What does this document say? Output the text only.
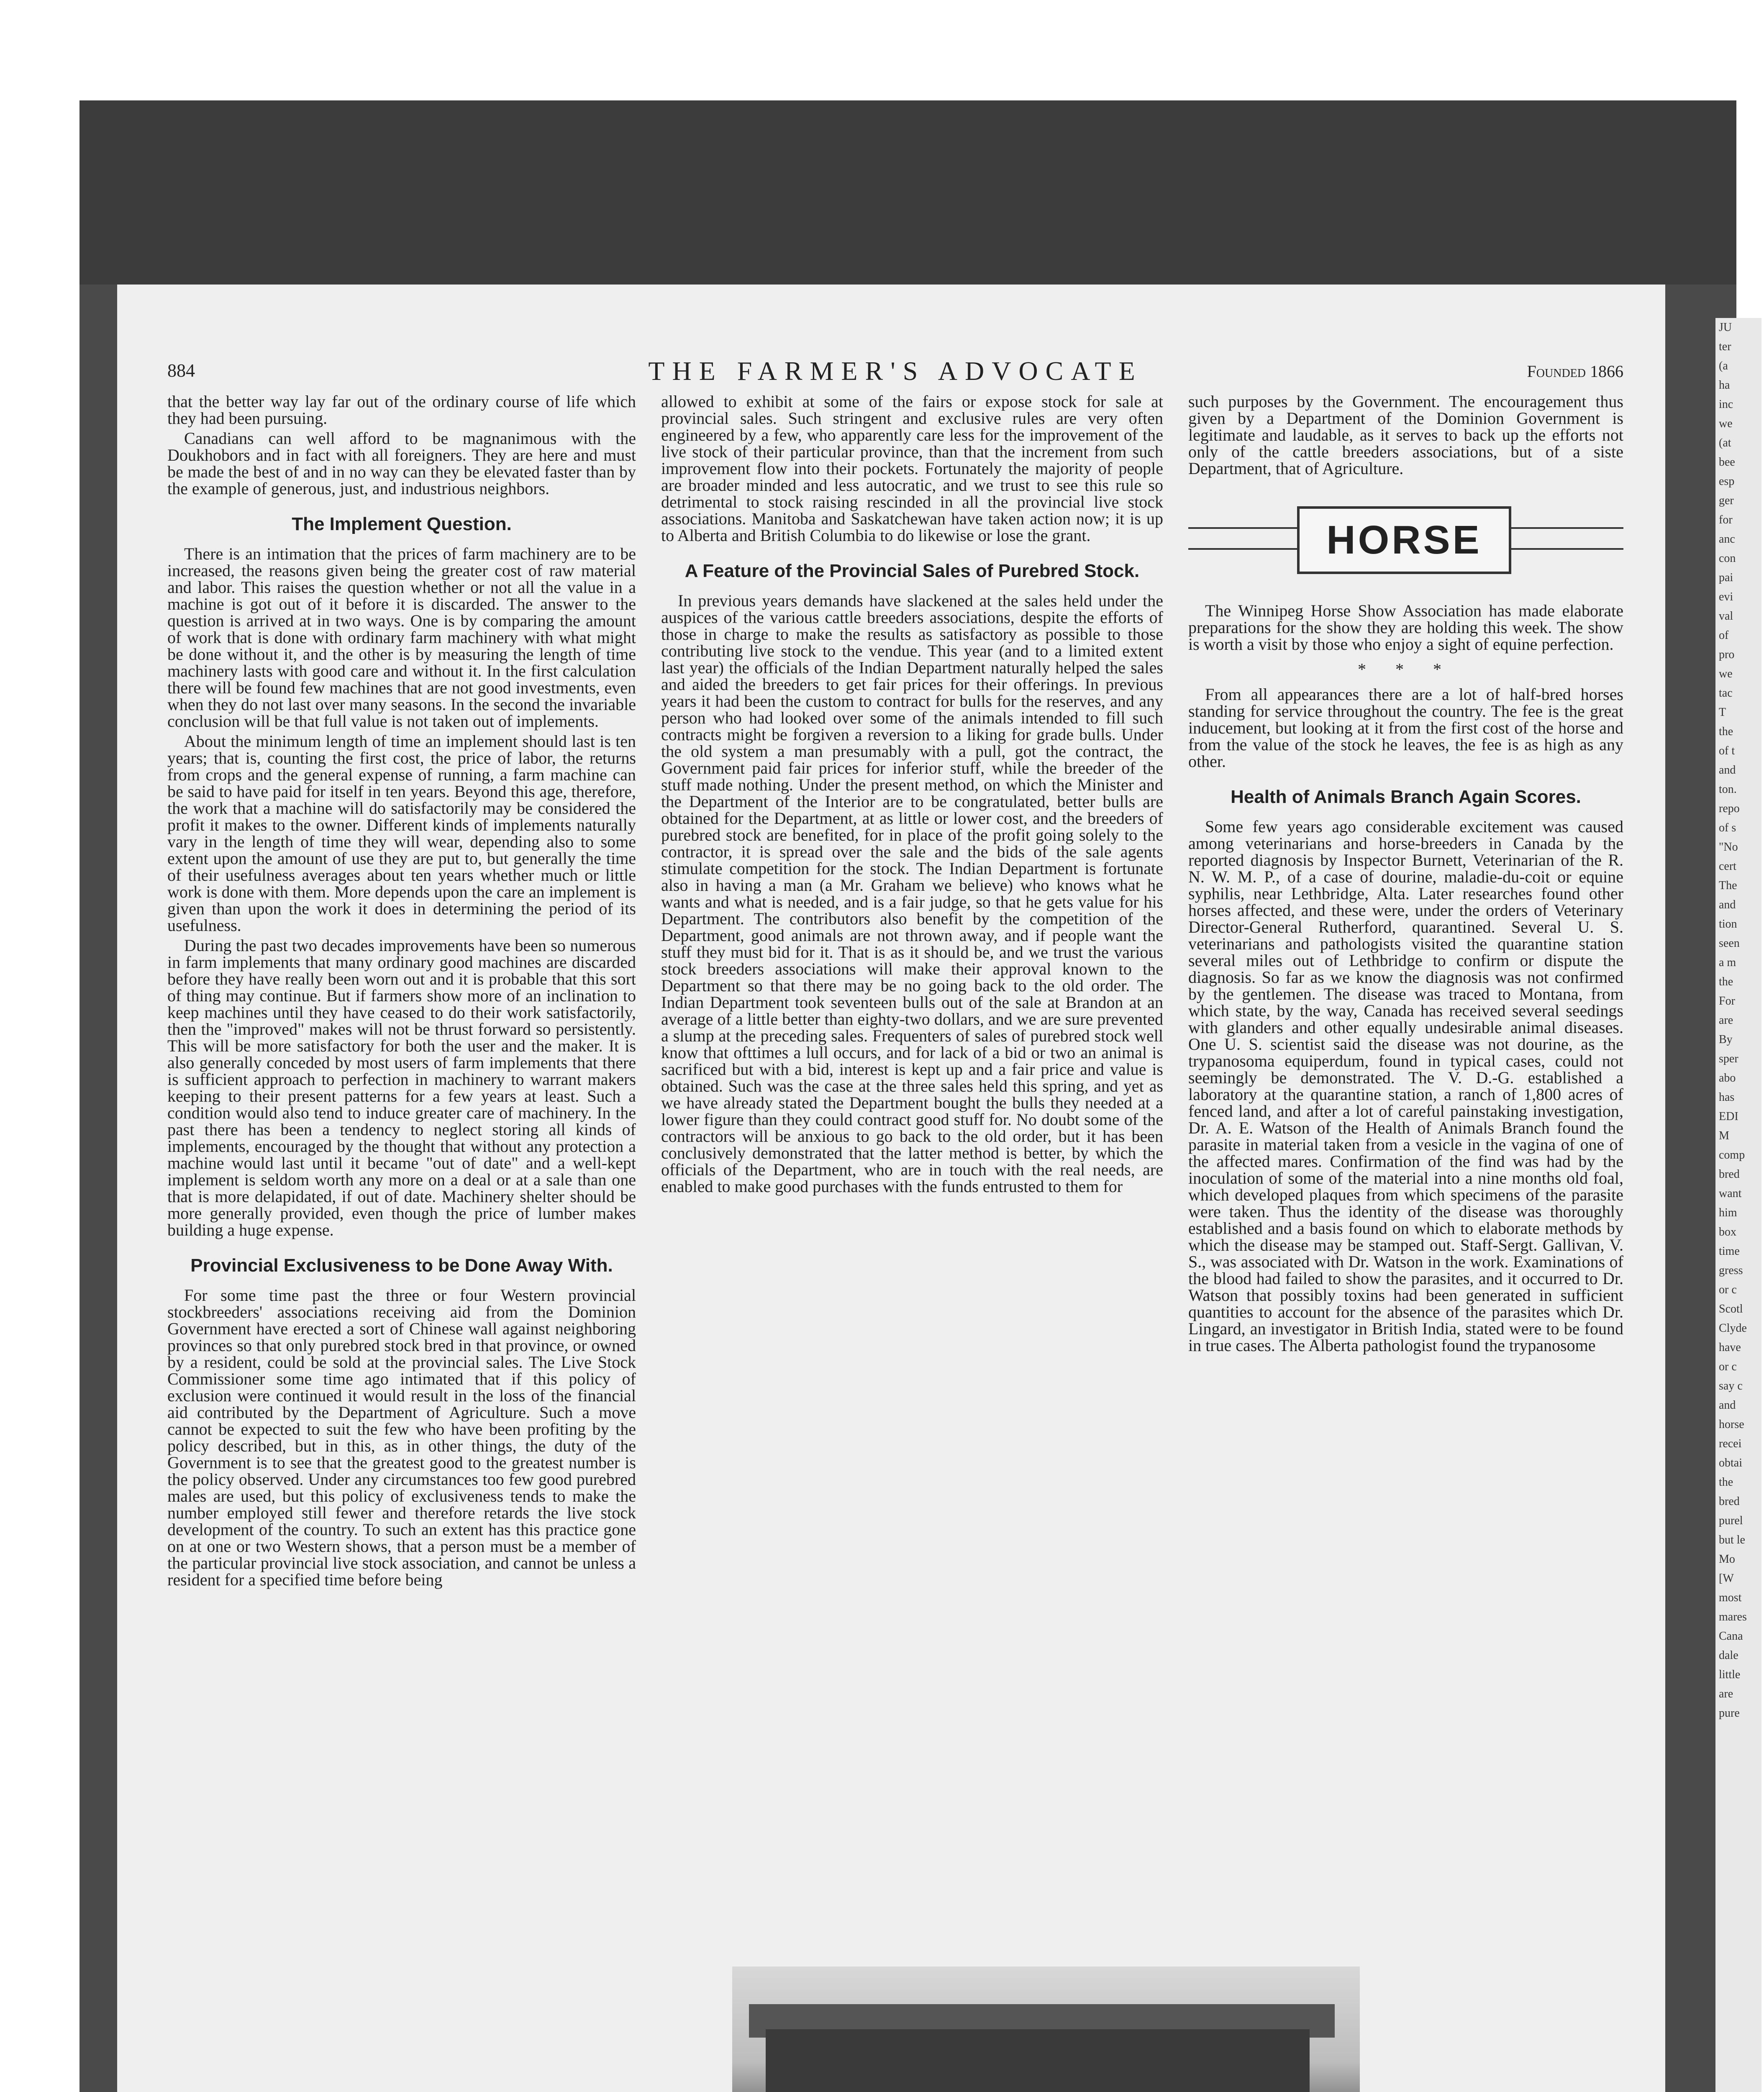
JU
ter
(a
ha
inc
we
(at
bee
esp
ger
for
anc
con
pai
evi
val
of
pro
we
tac
T
the
of t
and
ton.
repo
of s
"No
cert
The
and
tion
seen
a m
the
For
are
By
sper
abo
has
EDI
M
comp
bred
want
him
box
time
gress
or c
Scotl
Clyde
have
or c
say c
and
horse
recei
obtai
the
bred
purel
but le
Mo
[W
most
mares
Cana
dale
little
are
pure
884	THE FARMER'S ADVOCATE	Founded 1866

that the better way lay far out of the ordinary course of life which they had been pursuing.

Canadians can well afford to be magnanimous with the Doukhobors and in fact with all foreigners. They are here and must be made the best of and in no way can they be elevated faster than by the example of generous, just, and industrious neighbors.

The Implement Question.

There is an intimation that the prices of farm machinery are to be increased, the reasons given being the greater cost of raw material and labor. This raises the question whether or not all the value in a machine is got out of it before it is discarded. The answer to the question is arrived at in two ways. One is by comparing the amount of work that is done with ordinary farm machinery with what might be done without it, and the other is by measuring the length of time machinery lasts with good care and without it. In the first calculation there will be found few machines that are not good investments, even when they do not last over many seasons. In the second the invariable conclusion will be that full value is not taken out of implements.

About the minimum length of time an implement should last is ten years; that is, counting the first cost, the price of labor, the returns from crops and the general expense of running, a farm machine can be said to have paid for itself in ten years. Beyond this age, therefore, the work that a machine will do satisfactorily may be considered the profit it makes to the owner. Different kinds of implements naturally vary in the length of time they will wear, depending also to some extent upon the amount of use they are put to, but generally the time of their usefulness averages about ten years whether much or little work is done with them. More depends upon the care an implement is given than upon the work it does in determining the period of its usefulness.

During the past two decades improvements have been so numerous in farm implements that many ordinary good machines are discarded before they have really been worn out and it is probable that this sort of thing may continue. But if farmers show more of an inclination to keep machines until they have ceased to do their work satisfactorily, then the "improved" makes will not be thrust forward so persistently. This will be more satisfactory for both the user and the maker. It is also generally conceded by most users of farm implements that there is sufficient approach to perfection in machinery to warrant makers keeping to their present patterns for a few years at least. Such a condition would also tend to induce greater care of machinery. In the past there has been a tendency to neglect storing all kinds of implements, encouraged by the thought that without any protection a machine would last until it became "out of date" and a well-kept implement is seldom worth any more on a deal or at a sale than one that is more delapidated, if out of date. Machinery shelter should be more generally provided, even though the price of lumber makes building a huge expense.

Provincial Exclusiveness to be Done Away With.

For some time past the three or four Western provincial stockbreeders' associations receiving aid from the Dominion Government have erected a sort of Chinese wall against neighboring provinces so that only purebred stock bred in that province, or owned by a resident, could be sold at the provincial sales. The Live Stock Commissioner some time ago intimated that if this policy of exclusion were continued it would result in the loss of the financial aid contributed by the Department of Agriculture. Such a move cannot be expected to suit the few who have been profiting by the policy described, but in this, as in other things, the duty of the Government is to see that the greatest good to the greatest number is the policy observed. Under any circumstances too few good purebred males are used, but this policy of exclusiveness tends to make the number employed still fewer and therefore retards the live stock development of the country. To such an extent has this practice gone on at one or two Western shows, that a person must be a member of the particular provincial live stock association, and cannot be unless a resident for a specified time before being

allowed to exhibit at some of the fairs or expose stock for sale at provincial sales. Such stringent and exclusive rules are very often engineered by a few, who apparently care less for the improvement of the live stock of their particular province, than that the increment from such improvement flow into their pockets. Fortunately the majority of people are broader minded and less autocratic, and we trust to see this rule so detrimental to stock raising rescinded in all the provincial live stock associations. Manitoba and Saskatchewan have taken action now; it is up to Alberta and British Columbia to do likewise or lose the grant.

A Feature of the Provincial Sales of Purebred Stock.

In previous years demands have slackened at the sales held under the auspices of the various cattle breeders associations, despite the efforts of those in charge to make the results as satisfactory as possible to those contributing live stock to the vendue. This year (and to a limited extent last year) the officials of the Indian Department naturally helped the sales and aided the breeders to get fair prices for their offerings. In previous years it had been the custom to contract for bulls for the reserves, and any person who had looked over some of the animals intended to fill such contracts might be forgiven a reversion to a liking for grade bulls. Under the old system a man presumably with a pull, got the contract, the Government paid fair prices for inferior stuff, while the breeder of the stuff made nothing. Under the present method, on which the Minister and the Department of the Interior are to be congratulated, better bulls are obtained for the Department, at as little or lower cost, and the breeders of purebred stock are benefited, for in place of the profit going solely to the contractor, it is spread over the sale and the bids of the sale agents stimulate competition for the stock. The Indian Department is fortunate also in having a man (a Mr. Graham we believe) who knows what he wants and what is needed, and is a fair judge, so that he gets value for his Department. The contributors also benefit by the competition of the Department, good animals are not thrown away, and if people want the stuff they must bid for it. That is as it should be, and we trust the various stock breeders associations will make their approval known to the Department so that there may be no going back to the old order. The Indian Department took seventeen bulls out of the sale at Brandon at an average of a little better than eighty-two dollars, and we are sure prevented a slump at the preceding sales. Frequenters of sales of purebred stock well know that ofttimes a lull occurs, and for lack of a bid or two an animal is sacrificed but with a bid, interest is kept up and a fair price and value is obtained. Such was the case at the three sales held this spring, and yet as we have already stated the Department bought the bulls they needed at a lower figure than they could contract good stuff for. No doubt some of the contractors will be anxious to go back to the old order, but it has been conclusively demonstrated that the latter method is better, by which the officials of the Department, who are in touch with the real needs, are enabled to make good purchases with the funds entrusted to them for

such purposes by the Government. The encouragement thus given by a Department of the Dominion Government is legitimate and laudable, as it serves to back up the efforts not only of the cattle breeders associations, but of a siste Department, that of Agriculture.

HORSE

The Winnipeg Horse Show Association has made elaborate preparations for the show they are holding this week. The show is worth a visit by those who enjoy a sight of equine perfection.

* * *

From all appearances there are a lot of half-bred horses standing for service throughout the country. The fee is the great inducement, but looking at it from the first cost of the horse and from the value of the stock he leaves, the fee is as high as any other.

Health of Animals Branch Again Scores.

Some few years ago considerable excitement was caused among veterinarians and horse-breeders in Canada by the reported diagnosis by Inspector Burnett, Veterinarian of the R. N. W. M. P., of a case of dourine, maladie-du-coit or equine syphilis, near Lethbridge, Alta. Later researches found other horses affected, and these were, under the orders of Veterinary Director-General Rutherford, quarantined. Several U. S. veterinarians and pathologists visited the quarantine station several miles out of Lethbridge to confirm or dispute the diagnosis. So far as we know the diagnosis was not confirmed by the gentlemen. The disease was traced to Montana, from which state, by the way, Canada has received several seedings with glanders and other equally undesirable animal diseases. One U. S. scientist said the disease was not dourine, as the trypanosoma equiperdum, found in typical cases, could not seemingly be demonstrated. The V. D.-G. established a laboratory at the quarantine station, a ranch of 1,800 acres of fenced land, and after a lot of careful painstaking investigation, Dr. A. E. Watson of the Health of Animals Branch found the parasite in material taken from a vesicle in the vagina of one of the affected mares. Confirmation of the find was had by the inoculation of some of the material into a nine months old foal, which developed plaques from which specimens of the parasite were taken. Thus the identity of the disease was thoroughly established and a basis found on which to elaborate methods by which the disease may be stamped out. Staff-Sergt. Gallivan, V. S., was associated with Dr. Watson in the work. Examinations of the blood had failed to show the parasites, and it occurred to Dr. Watson that possibly toxins had been generated in sufficient quantities to account for the absence of the parasites which Dr. Lingard, an investigator in British India, stated were to be found in true cases. The Alberta pathologist found the trypanosome
